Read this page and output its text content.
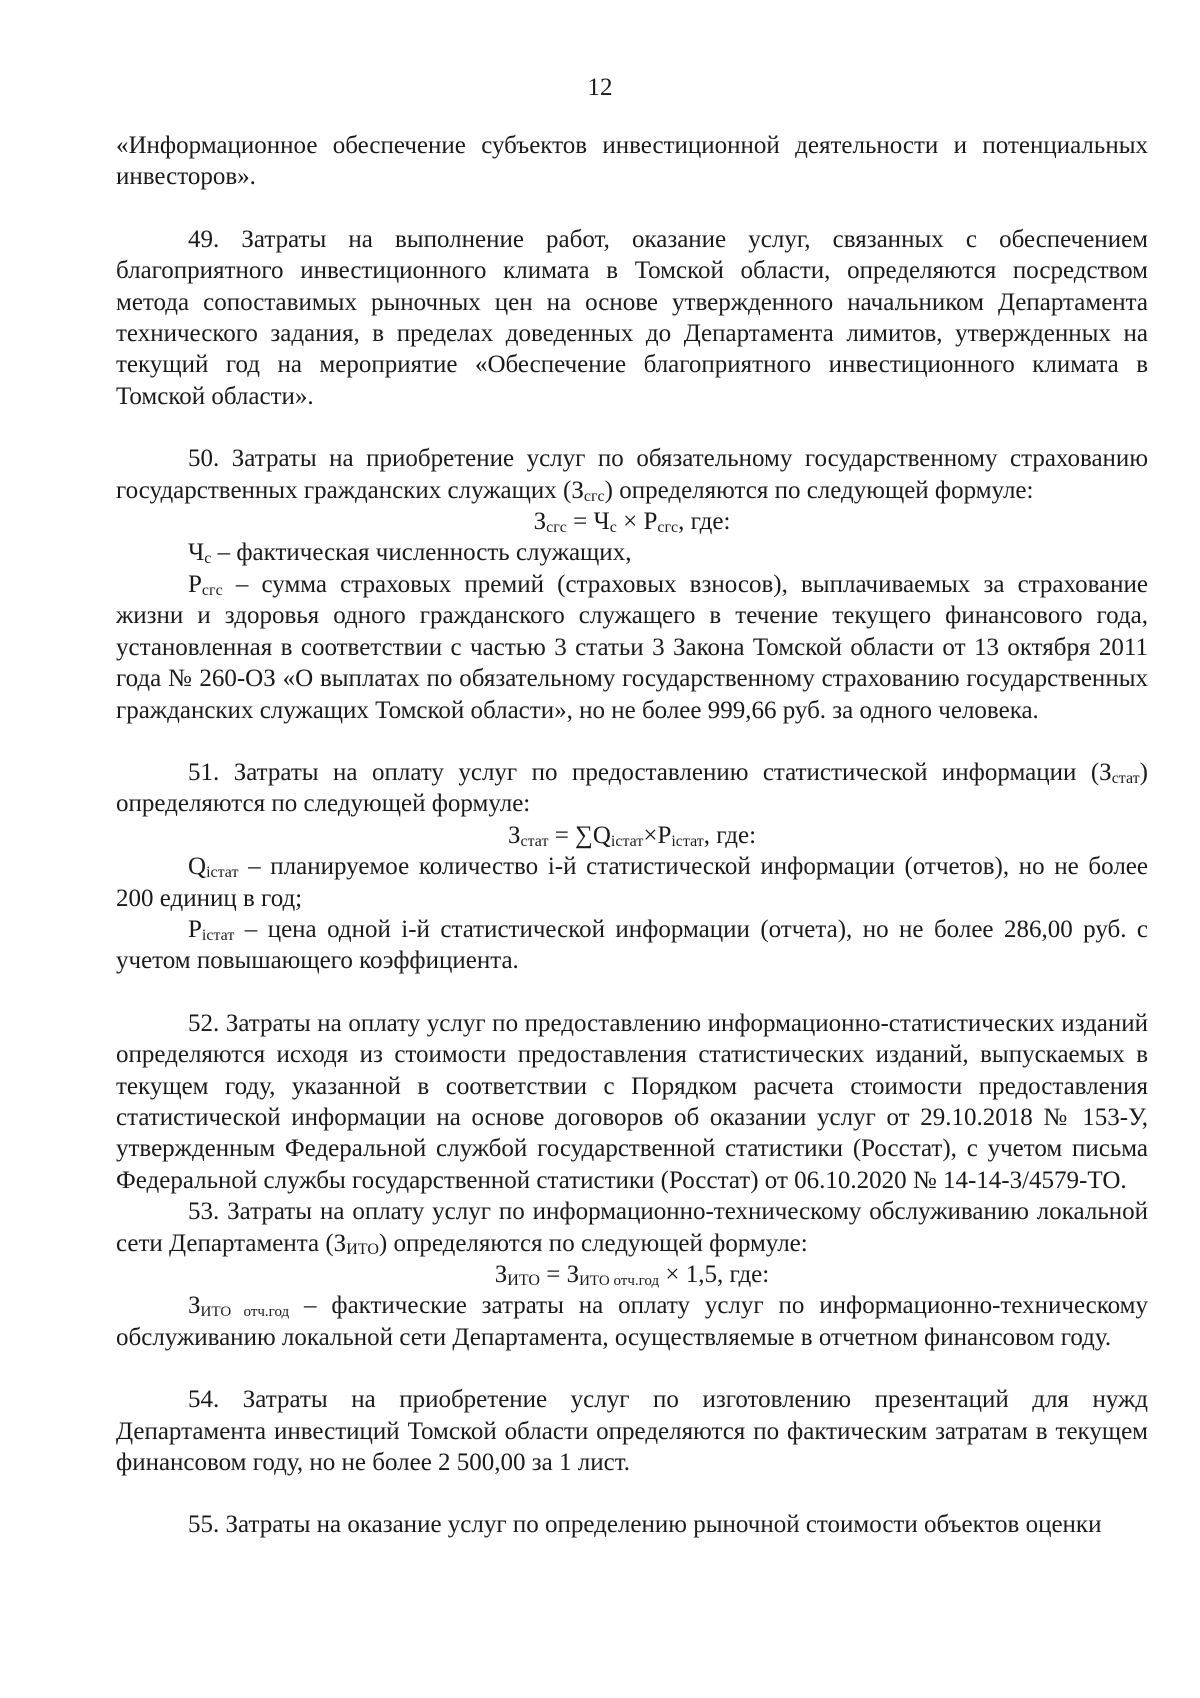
12

«Информационное обеспечение субъектов инвестиционной деятельности и потенциальных инвесторов».

49. Затраты на выполнение работ, оказание услуг, связанных с обеспечением благоприятного инвестиционного климата в Томской области, определяются посредством метода сопоставимых рыночных цен на основе утвержденного начальником Департамента технического задания, в пределах доведенных до Департамента лимитов, утвержденных на текущий год на мероприятие «Обеспечение благоприятного инвестиционного климата в Томской области».

50. Затраты на приобретение услуг по обязательному государственному страхованию государственных гражданских служащих $(З_{сгс})$ определяются по следующей формуле:

$З_{сгс} = Ч_с \times Р_{сгс}$, где:

$Ч_с$ – фактическая численность служащих,

$Р_{сгс}$ – сумма страховых премий (страховых взносов), выплачиваемых за страхование жизни и здоровья одного гражданского служащего в течение текущего финансового года, установленная в соответствии с частью 3 статьи 3 Закона Томской области от 13 октября 2011 года № 260-ОЗ «О выплатах по обязательному государственному страхованию государственных гражданских служащих Томской области», но не более 999,66 руб. за одного человека.

51. Затраты на оплату услуг по предоставлению статистической информации $(З_{стат})$ определяются по следующей формуле:

$З_{стат} = \sum Q_{iстат}\times P_{iстат}$, где:

$Q_{iстат}$ – планируемое количество i-й статистической информации (отчетов), но не более 200 единиц в год;

$P_{iстат}$ – цена одной i-й статистической информации (отчета), но не более 286,00 руб. с учетом повышающего коэффициента.

52. Затраты на оплату услуг по предоставлению информационно-статистических изданий определяются исходя из стоимости предоставления статистических изданий, выпускаемых в текущем году, указанной в соответствии с Порядком расчета стоимости предоставления статистической информации на основе договоров об оказании услуг от 29.10.2018 № 153-У, утвержденным Федеральной службой государственной статистики (Росстат), с учетом письма Федеральной службы государственной статистики (Росстат) от 06.10.2020 № 14-14-3/4579-ТО.

53. Затраты на оплату услуг по информационно-техническому обслуживанию локальной сети Департамента $(З_{ИТО})$ определяются по следующей формуле:

$З_{ИТО} = З_{ИТО отч.год} \times 1,5$, где:

$З_{ИТО отч.год}$ – фактические затраты на оплату услуг по информационно-техническому обслуживанию локальной сети Департамента, осуществляемые в отчетном финансовом году.

54. Затраты на приобретение услуг по изготовлению презентаций для нужд Департамента инвестиций Томской области определяются по фактическим затратам в текущем финансовом году, но не более 2 500,00 за 1 лист.

55. Затраты на оказание услуг по определению рыночной стоимости объектов оценки
